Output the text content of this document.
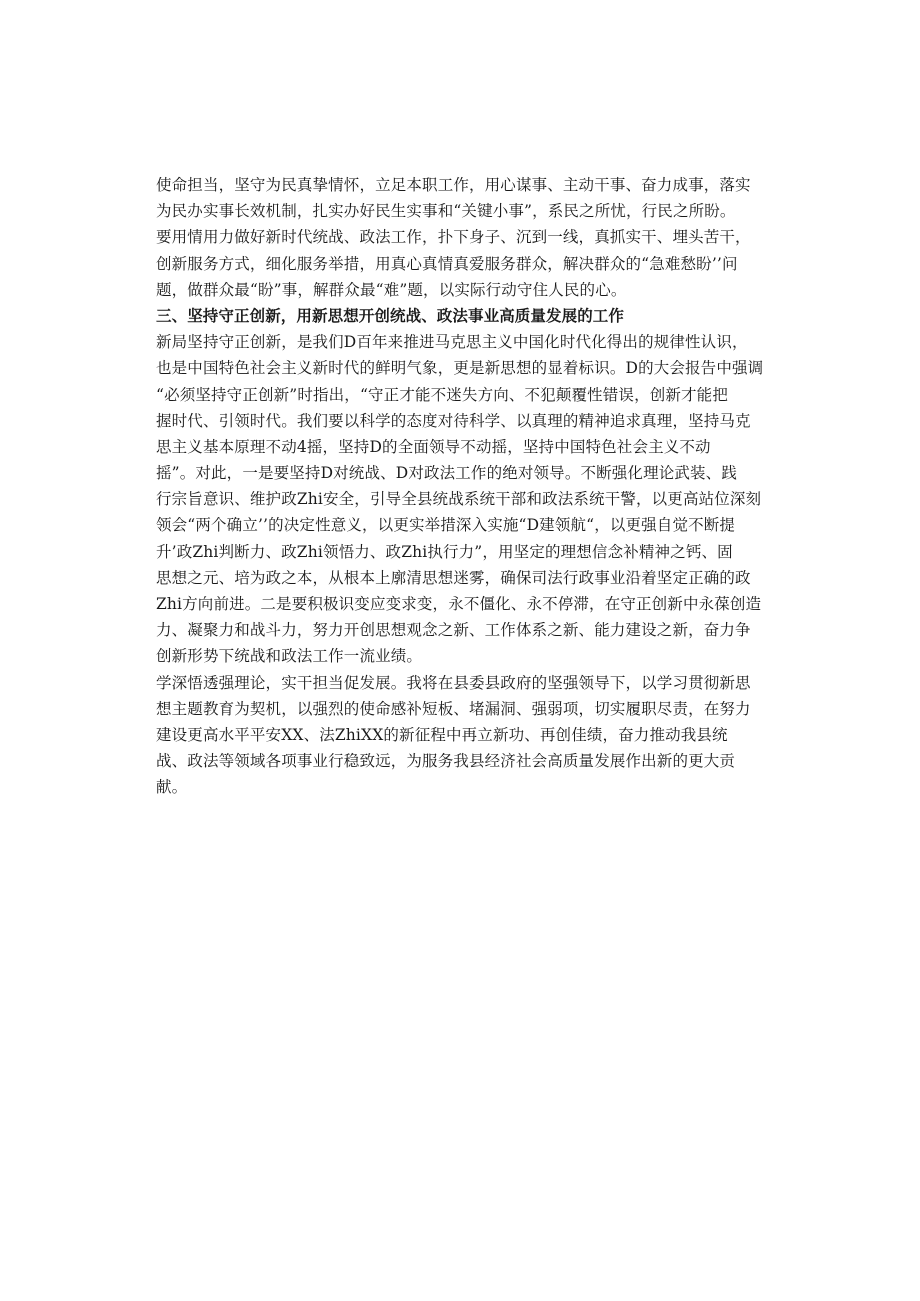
使命担当，坚守为民真挚情怀，立足本职工作，用心谋事、主动干事、奋力成事，落实
为民办实事长效机制，扎实办好民生实事和“关键小事”，系民之所忧，行民之所盼。
要用情用力做好新时代统战、政法工作，扑下身子、沉到一线，真抓实干、埋头苦干，
创新服务方式，细化服务举措，用真心真情真爱服务群众，解决群众的“急难愁盼’’问
题，做群众最“盼”事，解群众最“难”题，以实际行动守住人民的心。
三、坚持守正创新，用新思想开创统战、政法事业高质量发展的工作
新局坚持守正创新，是我们D百年来推进马克思主义中国化时代化得出的规律性认识，
也是中国特色社会主义新时代的鲜明气象，更是新思想的显着标识。D的大会报告中强调
“必须坚持守正创新”时指出，“守正才能不迷失方向、不犯颠覆性错误，创新才能把
握时代、引领时代。我们要以科学的态度对待科学、以真理的精神追求真理，坚持马克
思主义基本原理不动4摇，坚持D的全面领导不动摇，坚持中国特色社会主义不动
摇”。对此，一是要坚持D对统战、D对政法工作的绝对领导。不断强化理论武装、践
行宗旨意识、维护政Zhi安全，引导全县统战系统干部和政法系统干警，以更高站位深刻
领会“两个确立’’的决定性意义，以更实举措深入实施“D建领航“，以更强自觉不断提
升’政Zhi判断力、政Zhi领悟力、政Zhi执行力”，用坚定的理想信念补精神之钙、固
思想之元、培为政之本，从根本上廓清思想迷雾，确保司法行政事业沿着坚定正确的政
Zhi方向前进。二是要积极识变应变求变，永不僵化、永不停滞，在守正创新中永葆创造
力、凝聚力和战斗力，努力开创思想观念之新、工作体系之新、能力建设之新，奋力争
创新形势下统战和政法工作一流业绩。
学深悟透强理论，实干担当促发展。我将在县委县政府的坚强领导下，以学习贯彻新思
想主题教育为契机，以强烈的使命感补短板、堵漏洞、强弱项，切实履职尽责，在努力
建设更高水平平安XX、法ZhiXX的新征程中再立新功、再创佳绩，奋力推动我县统
战、政法等领域各项事业行稳致远，为服务我县经济社会高质量发展作出新的更大贡
献。
